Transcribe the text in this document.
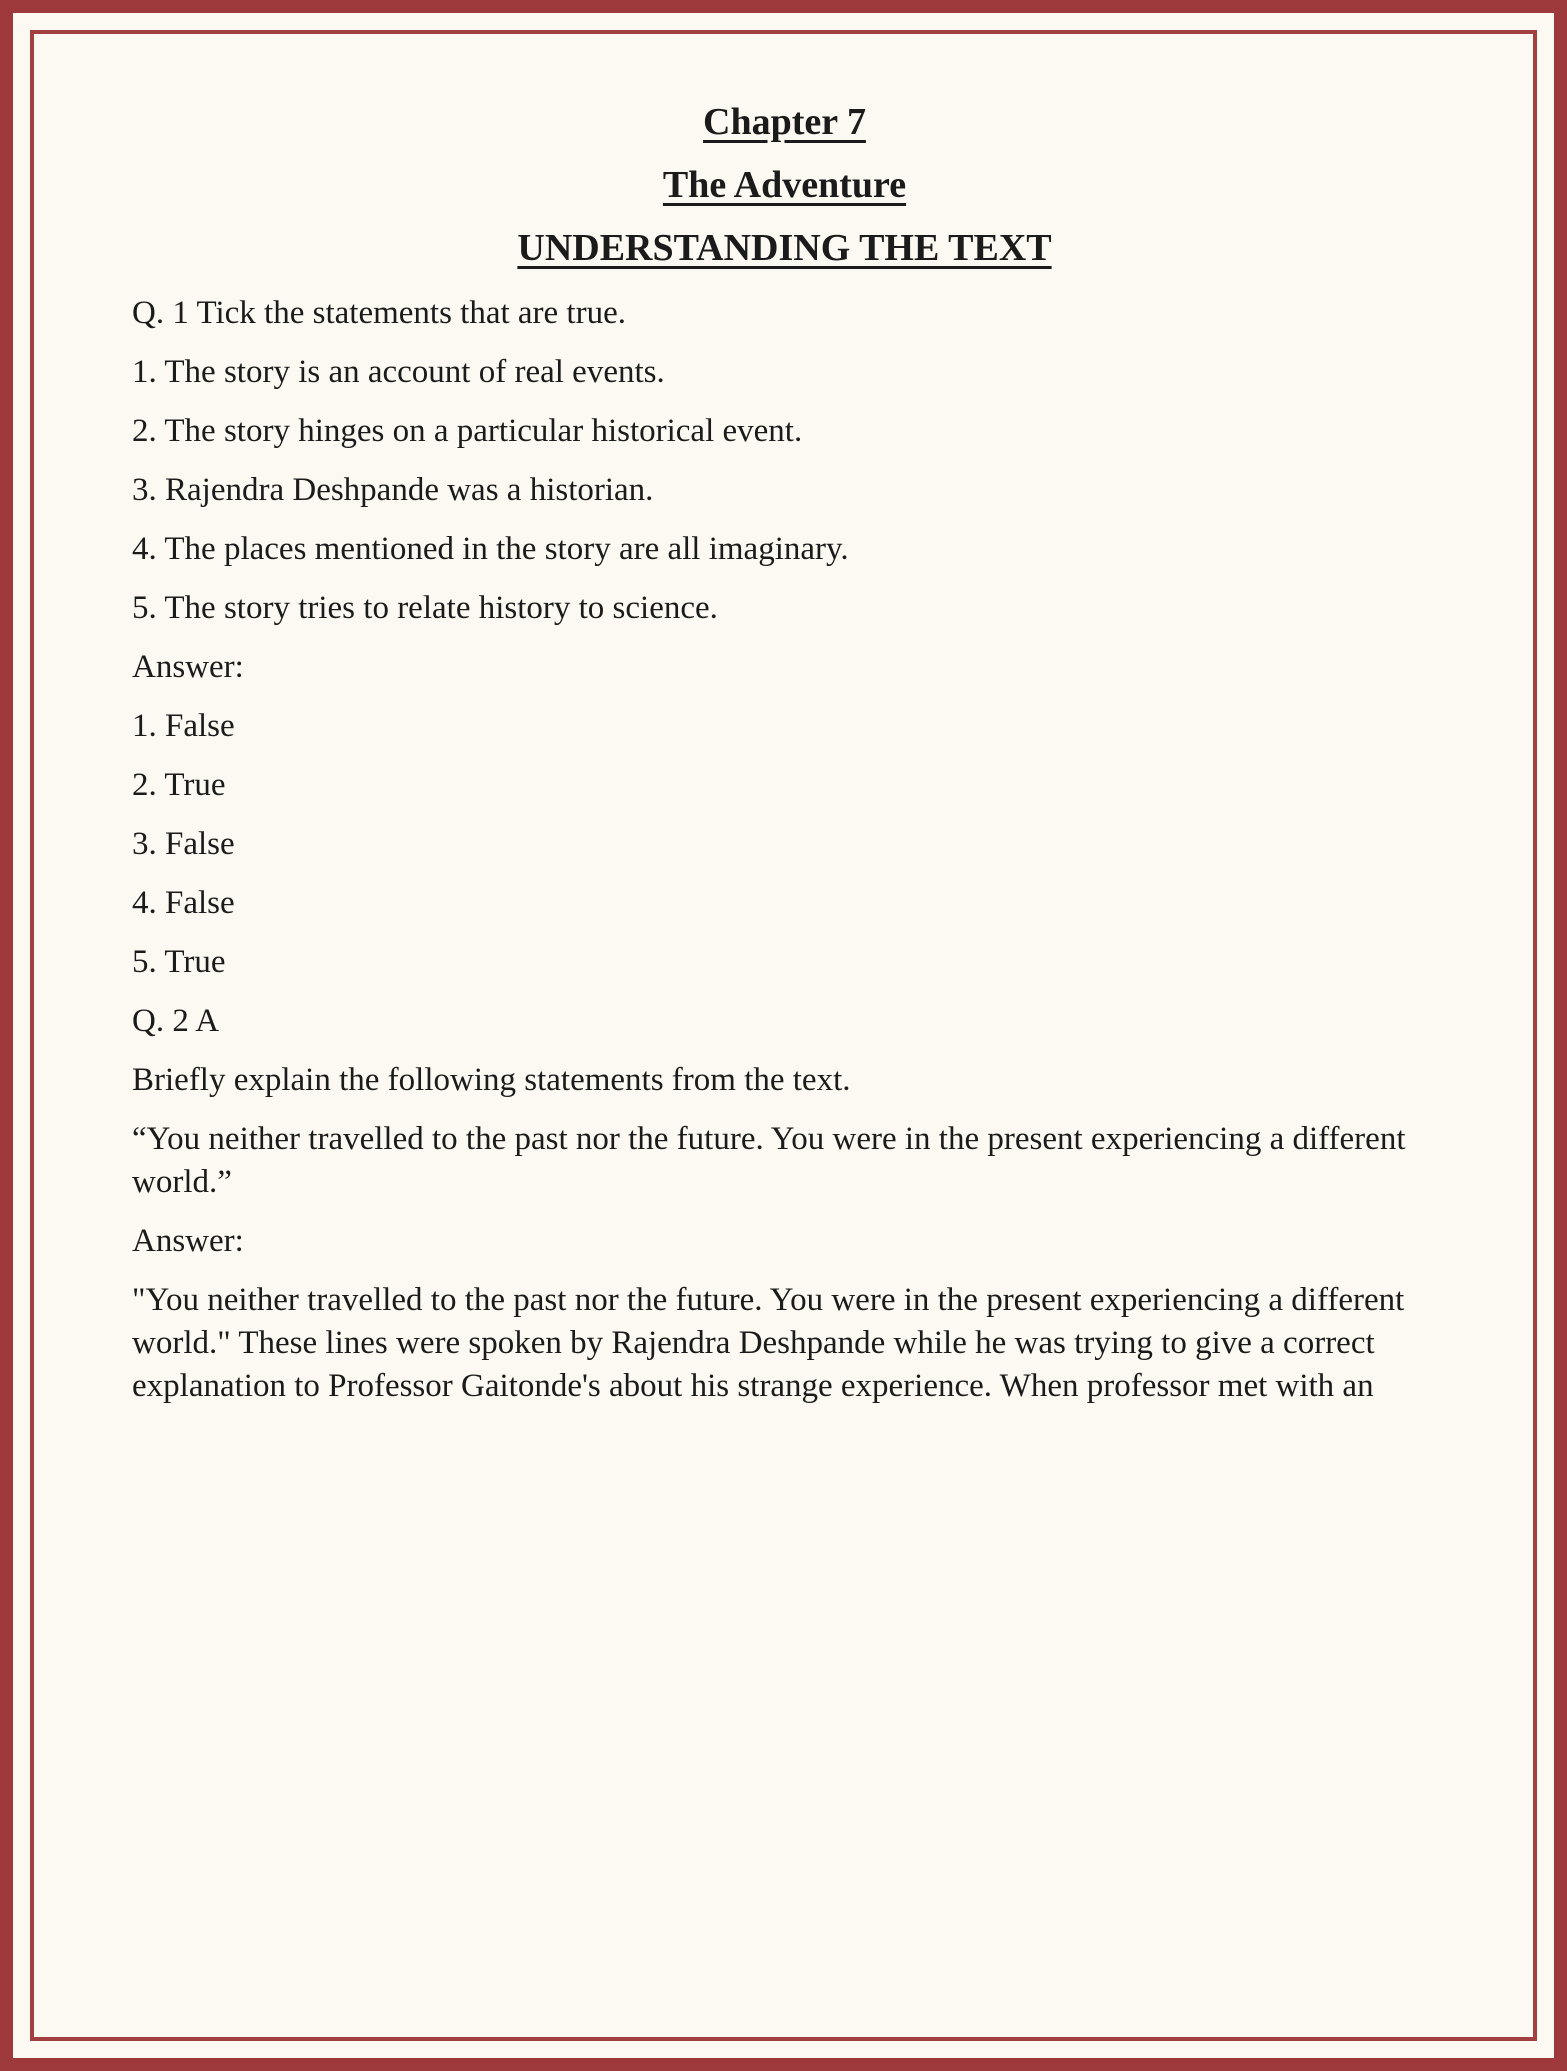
Chapter 7
The Adventure
UNDERSTANDING THE TEXT

Q. 1 Tick the statements that are true.

1. The story is an account of real events.

2. The story hinges on a particular historical event.

3. Rajendra Deshpande was a historian.

4. The places mentioned in the story are all imaginary.

5. The story tries to relate history to science.

Answer:

1. False

2. True

3. False

4. False

5. True

Q. 2 A

Briefly explain the following statements from the text.

“You neither travelled to the past nor the future. You were in the present experiencing a different world.”

Answer:

"You neither travelled to the past nor the future. You were in the present experiencing a different world." These lines were spoken by Rajendra Deshpande while he was trying to give a correct explanation to Professor Gaitonde's about his strange experience. When professor met with an
